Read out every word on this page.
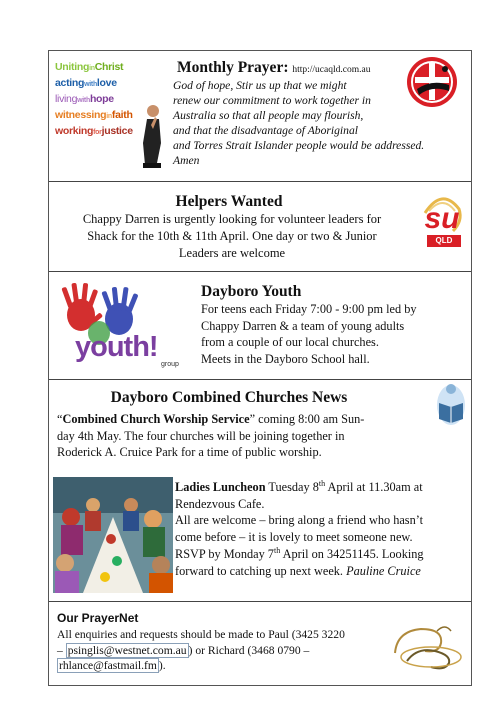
UnitinginChrist
actingwithlove
livingwithhope
witnessinginfaith
workingforjustice
Monthly Prayer: http://ucaqld.com.au
God of hope, Stir us up that we might
renew our commitment to work together in
Australia so that all people may flourish,
and that the disadvantage of Aboriginal
and Torres Strait Islander people would be addressed.
Amen
Helpers Wanted
Chappy Darren is urgently looking for volunteer leaders for
Shack for the 10th & 11th April. One day or two & Junior
Leaders are welcome
su
QLD
youth!
group
Dayboro Youth
For teens each Friday 7:00 - 9:00 pm led by
Chappy Darren & a team of young adults
from a couple of our local churches.
Meets in the Dayboro School hall.
Dayboro Combined Churches News
“Combined Church Worship Service” coming 8:00 am Sun-
day 4th May. The four churches will be joining together in
Roderick A. Cruice Park for a time of public worship.
Ladies Luncheon Tuesday 8th April at 11.30am at
Rendezvous Cafe.
All are welcome – bring along a friend who hasn’t
come before – it is lovely to meet someone new.
RSVP by Monday 7th April on 34251145. Looking
forward to catching up next week. Pauline Cruice
Our PrayerNet
All enquiries and requests should be made to Paul (3425 3220
– psinglis@westnet.com.au ) or Richard (3468 0790 –
rhlance@fastmail.fm ).
